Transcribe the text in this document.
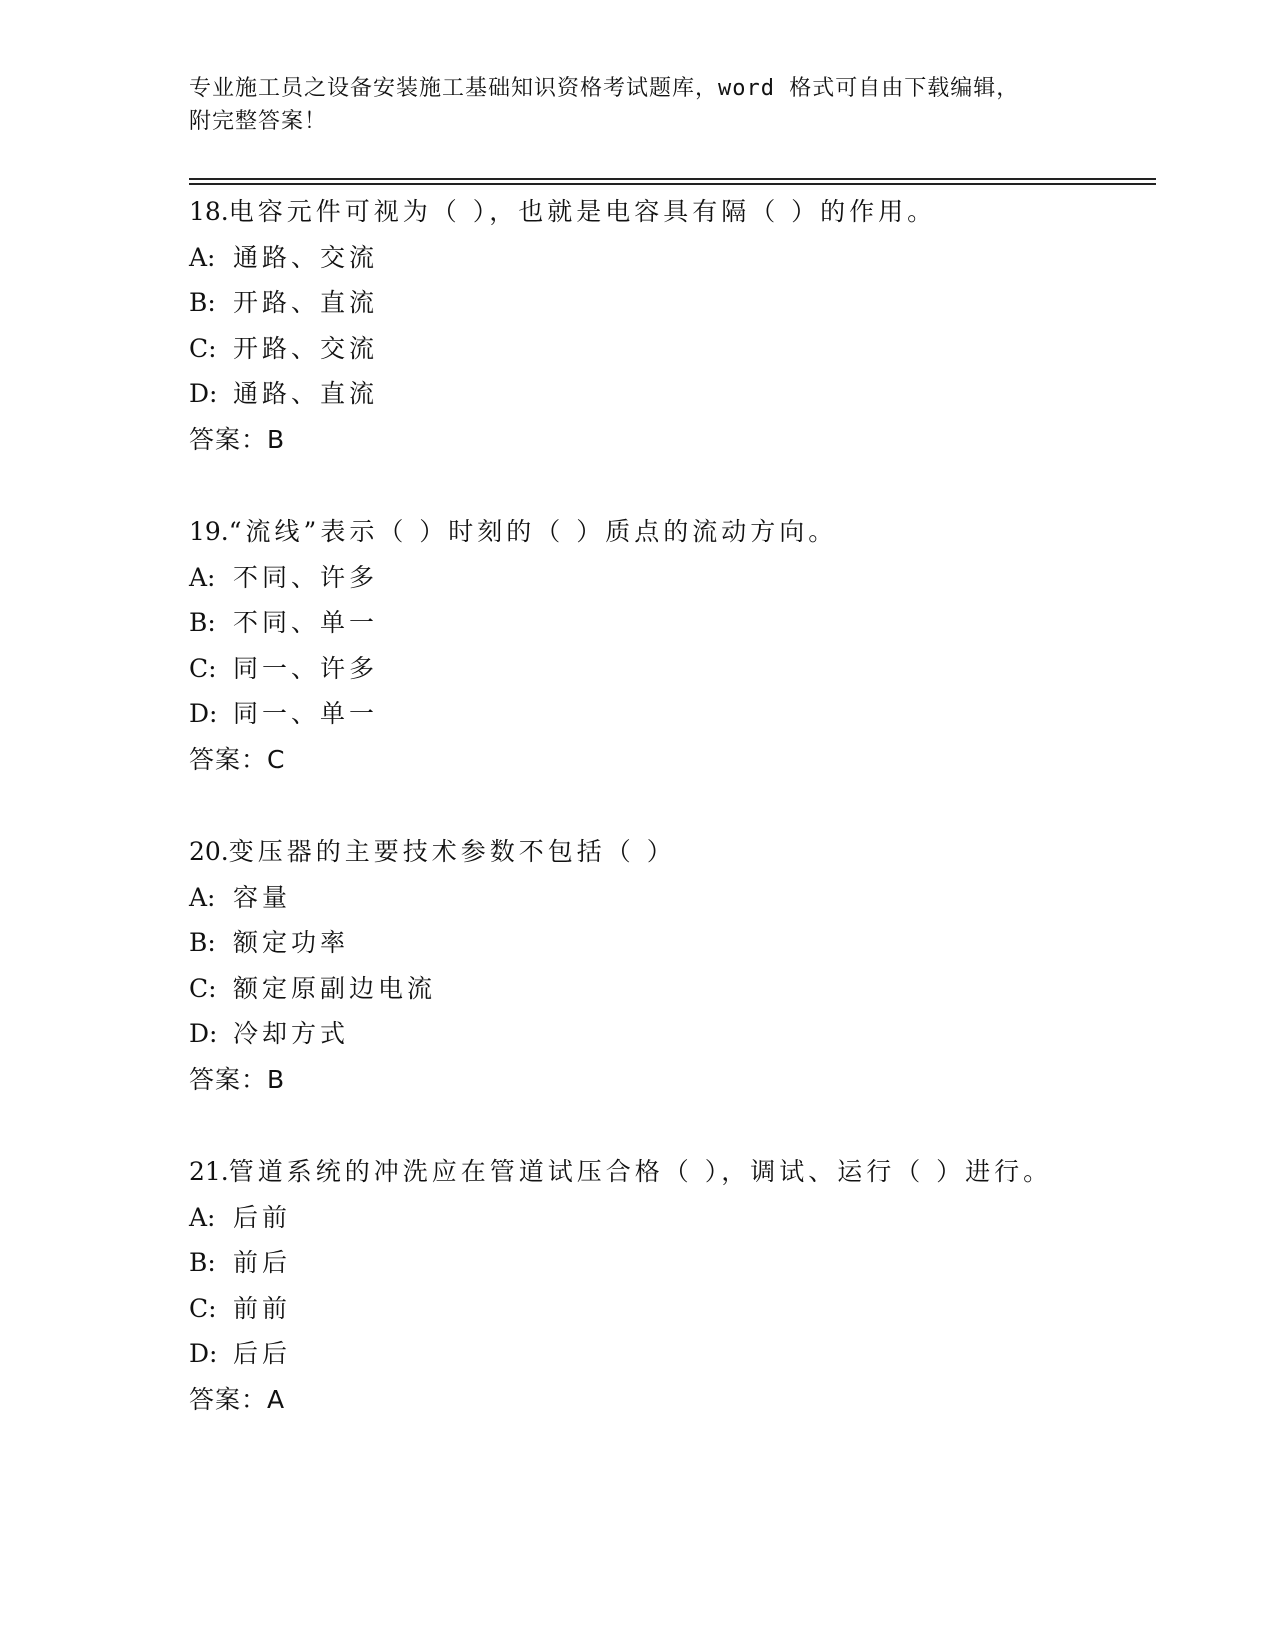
专业施工员之设备安装施工基础知识资格考试题库，word 格式可自由下载编辑，
附完整答案！
18.电容元件可视为（ ），也就是电容具有隔（ ）的作用。
A: 通路、交流
B: 开路、直流
C: 开路、交流
D: 通路、直流
答案：B
19.“流线”表示（ ）时刻的（ ）质点的流动方向。
A: 不同、许多
B: 不同、单一
C: 同一、许多
D: 同一、单一
答案：C
20.变压器的主要技术参数不包括（ ）
A: 容量
B: 额定功率
C: 额定原副边电流
D: 冷却方式
答案：B
21.管道系统的冲洗应在管道试压合格（ ），调试、运行（ ）进行。
A: 后前
B: 前后
C: 前前
D: 后后
答案：A
